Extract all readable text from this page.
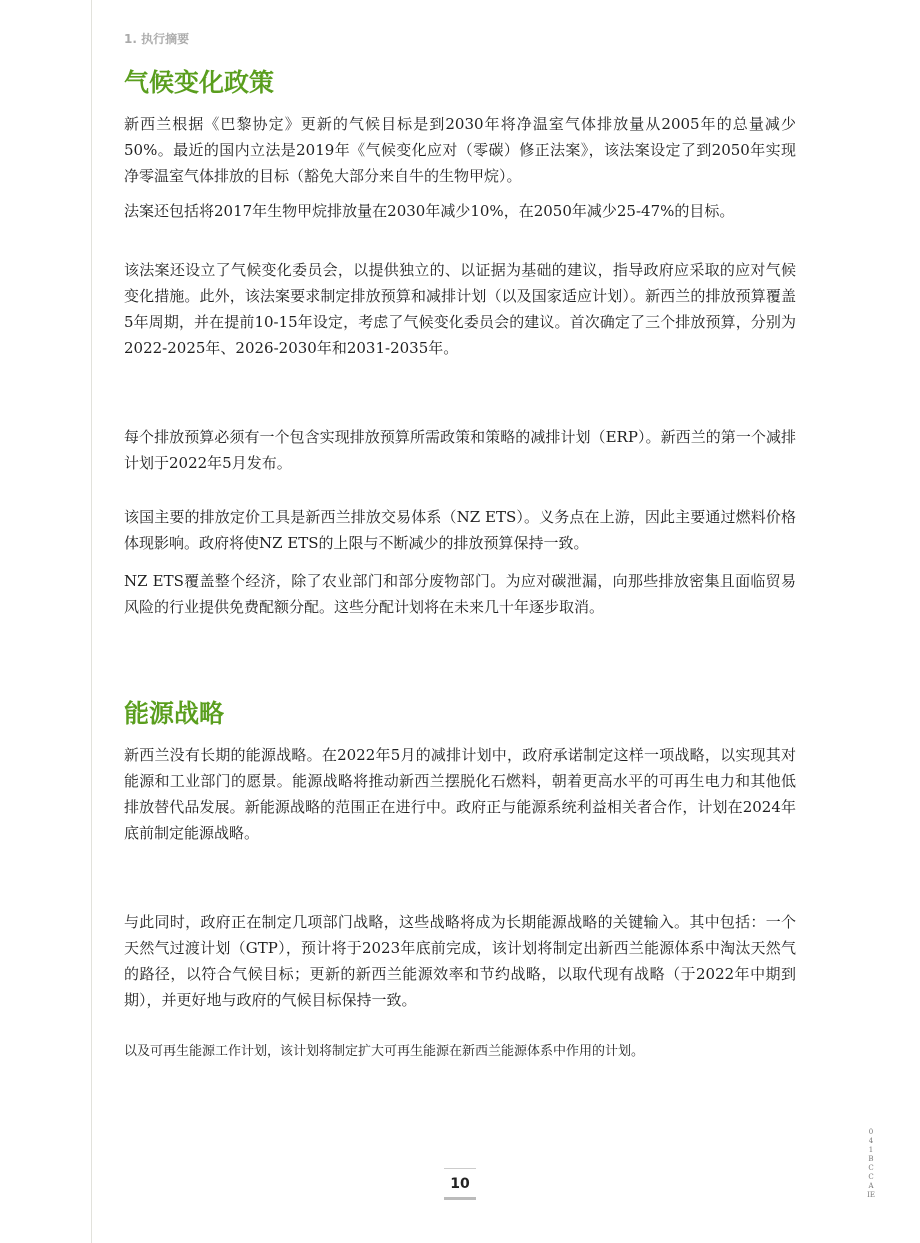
1. 执行摘要
气候变化政策
新西兰根据《巴黎协定》更新的气候目标是到2030年将净温室气体排放量从2005年的总量减少50%。最近的国内立法是2019年《气候变化应对（零碳）修正法案》，该法案设定了到2050年实现净零温室气体排放的目标（豁免大部分来自牛的生物甲烷）。
法案还包括将2017年生物甲烷排放量在2030年减少10%，在2050年减少25-47%的目标。
该法案还设立了气候变化委员会，以提供独立的、以证据为基础的建议，指导政府应采取的应对气候变化措施。此外，该法案要求制定排放预算和减排计划（以及国家适应计划）。新西兰的排放预算覆盖5年周期，并在提前10-15年设定，考虑了气候变化委员会的建议。首次确定了三个排放预算，分别为2022-2025年、2026-2030年和2031-2035年。
每个排放预算必须有一个包含实现排放预算所需政策和策略的减排计划（ERP）。新西兰的第一个减排计划于2022年5月发布。
该国主要的排放定价工具是新西兰排放交易体系（NZ ETS）。义务点在上游，因此主要通过燃料价格体现影响。政府将使NZ ETS的上限与不断减少的排放预算保持一致。
NZ ETS覆盖整个经济，除了农业部门和部分废物部门。为应对碳泄漏，向那些排放密集且面临贸易风险的行业提供免费配额分配。这些分配计划将在未来几十年逐步取消。
能源战略
新西兰没有长期的能源战略。在2022年5月的减排计划中，政府承诺制定这样一项战略，以实现其对能源和工业部门的愿景。能源战略将推动新西兰摆脱化石燃料，朝着更高水平的可再生电力和其他低排放替代品发展。新能源战略的范围正在进行中。政府正与能源系统利益相关者合作，计划在2024年底前制定能源战略。
与此同时，政府正在制定几项部门战略，这些战略将成为长期能源战略的关键输入。其中包括：一个天然气过渡计划（GTP），预计将于2023年底前完成，该计划将制定出新西兰能源体系中淘汰天然气的路径，以符合气候目标；更新的新西兰能源效率和节约战略，以取代现有战略（于2022年中期到期），并更好地与政府的气候目标保持一致。
以及可再生能源工作计划，该计划将制定扩大可再生能源在新西兰能源体系中作用的计划。
10
0
4
1
B
C
C
A
IE
